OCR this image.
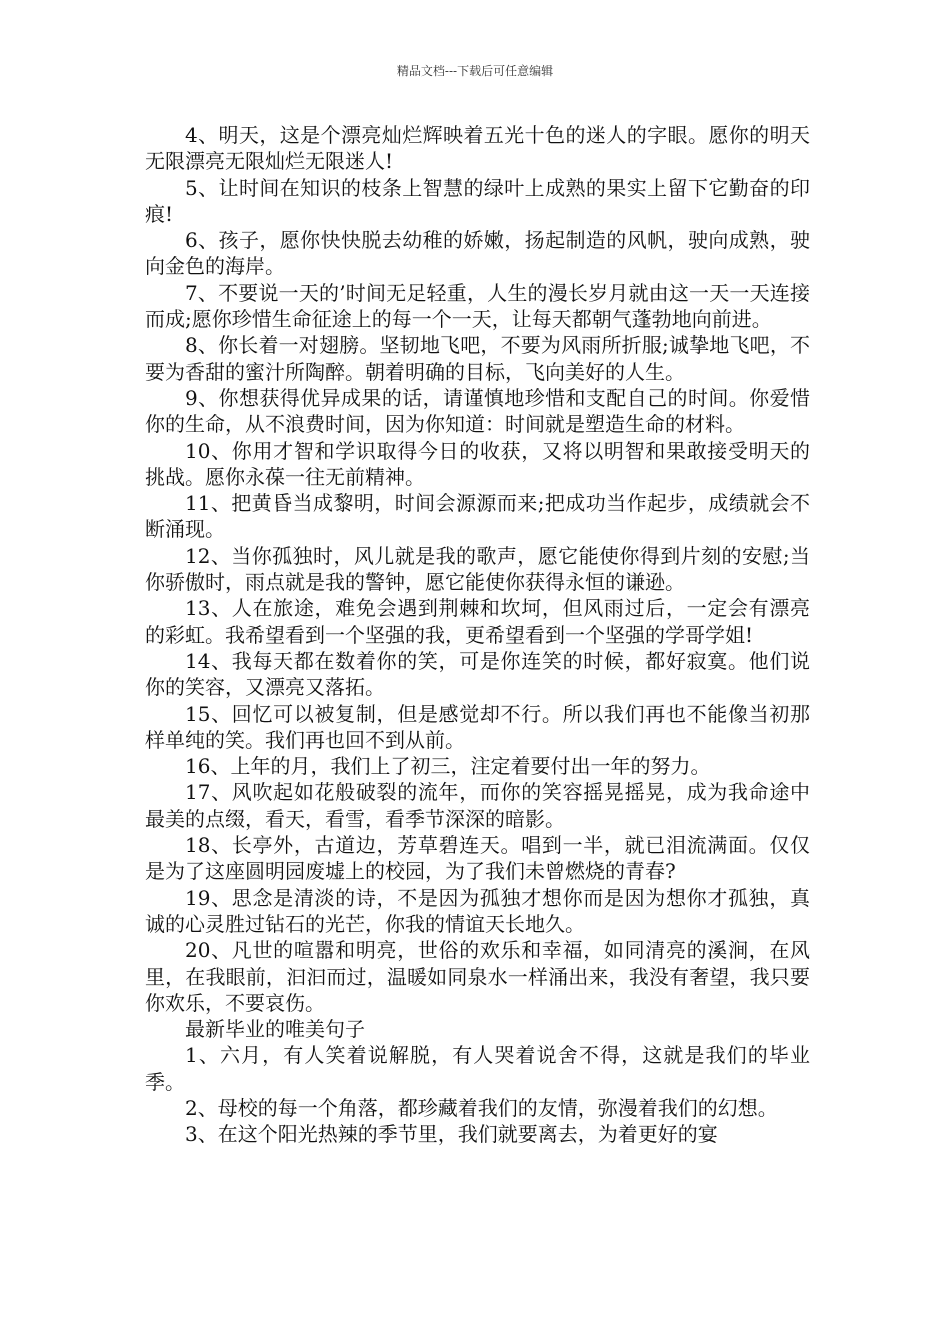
精品文档---下载后可任意编辑

4、明天，这是个漂亮灿烂辉映着五光十色的迷人的字眼。愿你的明天无限漂亮无限灿烂无限迷人!

5、让时间在知识的枝条上智慧的绿叶上成熟的果实上留下它勤奋的印痕!

6、孩子，愿你快快脱去幼稚的娇嫩，扬起制造的风帆，驶向成熟，驶向金色的海岸。

7、不要说一天的’时间无足轻重，人生的漫长岁月就由这一天一天连接而成;愿你珍惜生命征途上的每一个一天，让每天都朝气蓬勃地向前进。

8、你长着一对翅膀。坚韧地飞吧，不要为风雨所折服;诚挚地飞吧，不要为香甜的蜜汁所陶醉。朝着明确的目标，飞向美好的人生。

9、你想获得优异成果的话，请谨慎地珍惜和支配自己的时间。你爱惜你的生命，从不浪费时间，因为你知道：时间就是塑造生命的材料。

10、你用才智和学识取得今日的收获，又将以明智和果敢接受明天的挑战。愿你永葆一往无前精神。

11、把黄昏当成黎明，时间会源源而来;把成功当作起步，成绩就会不断涌现。

12、当你孤独时，风儿就是我的歌声，愿它能使你得到片刻的安慰;当你骄傲时，雨点就是我的警钟，愿它能使你获得永恒的谦逊。

13、人在旅途，难免会遇到荆棘和坎坷，但风雨过后，一定会有漂亮的彩虹。我希望看到一个坚强的我，更希望看到一个坚强的学哥学姐!

14、我每天都在数着你的笑，可是你连笑的时候，都好寂寞。他们说你的笑容，又漂亮又落拓。

15、回忆可以被复制，但是感觉却不行。所以我们再也不能像当初那样单纯的笑。我们再也回不到从前。

16、上年的月，我们上了初三，注定着要付出一年的努力。

17、风吹起如花般破裂的流年，而你的笑容摇晃摇晃，成为我命途中最美的点缀，看天，看雪，看季节深深的暗影。

18、长亭外，古道边，芳草碧连天。唱到一半，就已泪流满面。仅仅是为了这座圆明园废墟上的校园，为了我们未曾燃烧的青春?

19、思念是清淡的诗，不是因为孤独才想你而是因为想你才孤独，真诚的心灵胜过钻石的光芒，你我的情谊天长地久。

20、凡世的喧嚣和明亮，世俗的欢乐和幸福，如同清亮的溪涧，在风里，在我眼前，汩汩而过，温暖如同泉水一样涌出来，我没有奢望，我只要你欢乐，不要哀伤。

最新毕业的唯美句子

1、六月，有人笑着说解脱，有人哭着说舍不得，这就是我们的毕业季。

2、母校的每一个角落，都珍藏着我们的友情，弥漫着我们的幻想。

3、在这个阳光热辣的季节里，我们就要离去，为着更好的宴
